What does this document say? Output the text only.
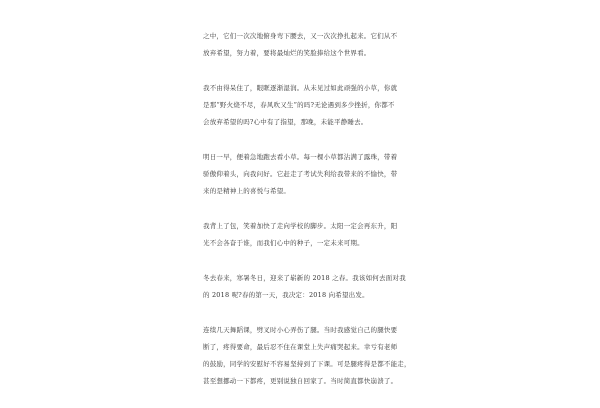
之中，它们一次次地俯身弯下腰去，又一次次挣扎起来。它们从不
放弃希望，努力着，要将最灿烂的笑脸捧给这个世界看。

我不由得呆住了，眼眶逐渐湿润。从未见过如此顽强的小草，你就
是那“野火烧不尽，春风吹又生”的吗?无论遇到多少挫折，你都不
会放弃希望的吗?心中有了指望，那晚，未能平静睡去。

明日一早，便着急地跑去看小草。每一棵小草都沾满了露珠，带着
骄傲仰着头，向我问好。它赶走了考试失利给我带来的不愉快，带
来的是精神上的喜悦与希望。

我背上了包，笑着加快了走向学校的脚步。太阳一定会再东升，阳
光不会各奋于谁，而我们心中的种子，一定未来可期。

冬去春来，寒暑冬日，迎来了崭新的 2018 之春。我该如何去面对我
的 2018 呢?春的第一天，我决定：2018 向希望出发。

连续几天舞蹈课，劈叉时小心弄伤了腿。当时我感觉自己的腿快要
断了，疼得要命，最后忍不住在课堂上失声痛哭起来。幸亏有老师
的鼓励，同学的安慰好不容易坚持到了下课。可是腿疼得是都不能走，
甚至想挪动一下都疼，更别说独自回家了。当时简直都快崩溃了。
